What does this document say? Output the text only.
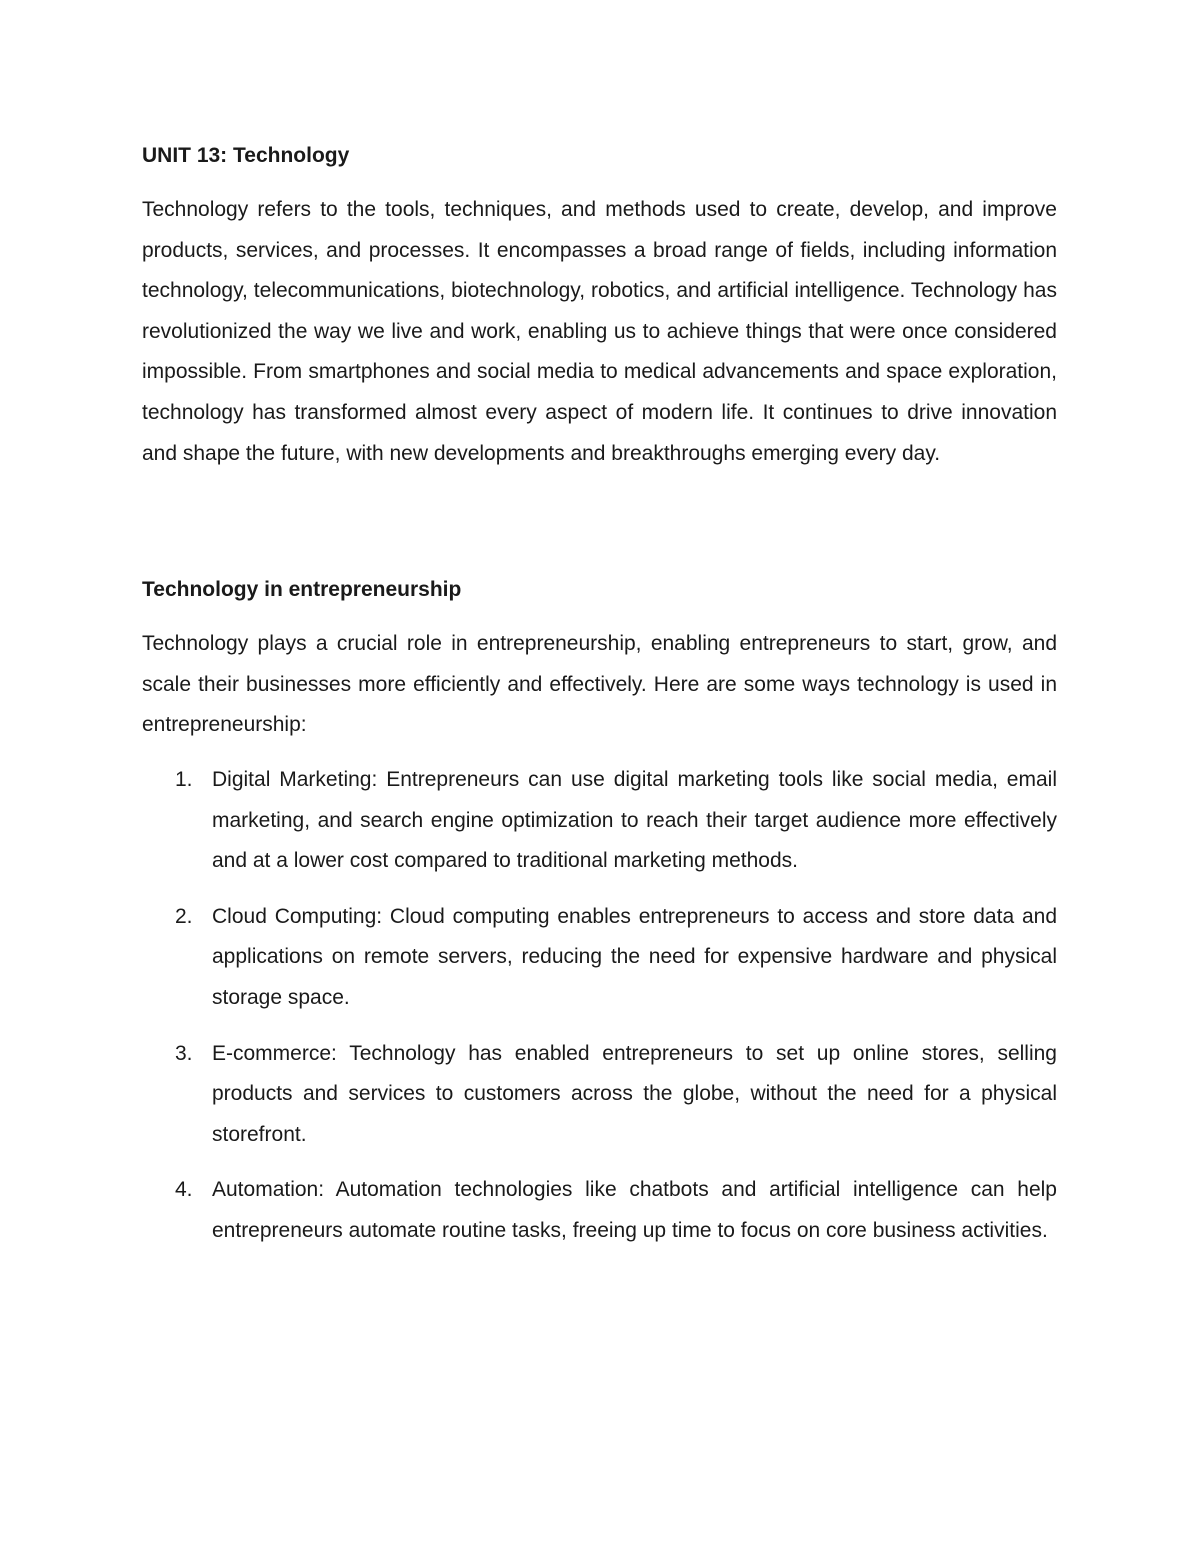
UNIT 13: Technology

Technology refers to the tools, techniques, and methods used to create, develop, and improve products, services, and processes. It encompasses a broad range of fields, including information technology, telecommunications, biotechnology, robotics, and artificial intelligence. Technology has revolutionized the way we live and work, enabling us to achieve things that were once considered impossible. From smartphones and social media to medical advancements and space exploration, technology has transformed almost every aspect of modern life. It continues to drive innovation and shape the future, with new developments and breakthroughs emerging every day.

Technology in entrepreneurship

Technology plays a crucial role in entrepreneurship, enabling entrepreneurs to start, grow, and scale their businesses more efficiently and effectively. Here are some ways technology is used in entrepreneurship:

1. Digital Marketing: Entrepreneurs can use digital marketing tools like social media, email marketing, and search engine optimization to reach their target audience more effectively and at a lower cost compared to traditional marketing methods.
2. Cloud Computing: Cloud computing enables entrepreneurs to access and store data and applications on remote servers, reducing the need for expensive hardware and physical storage space.
3. E-commerce: Technology has enabled entrepreneurs to set up online stores, selling products and services to customers across the globe, without the need for a physical storefront.
4. Automation: Automation technologies like chatbots and artificial intelligence can help entrepreneurs automate routine tasks, freeing up time to focus on core business activities.
